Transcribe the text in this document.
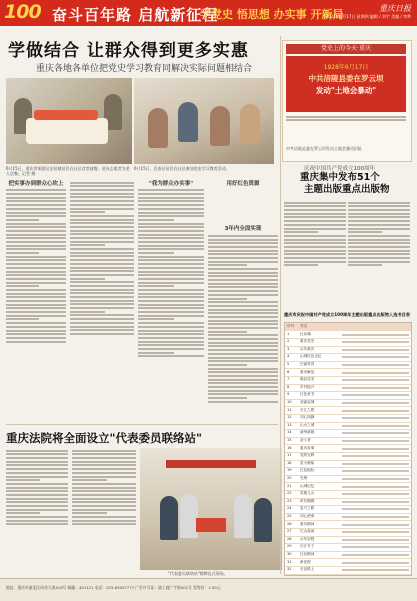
100 奋斗百年路 启航新征程
学党史 悟思想 办实事 开新局	重庆日报
2021年6月17日 星期四 编辑 / 刘宇 美编 / 李梦
学做结合 让群众得到更多实惠
重庆各地各单位把党史学习教育同解决实际问题相结合
6月15日，重庆市铜梁区安居镇居民在社区食堂就餐，党员志愿者为老人送餐。记者 摄
6月15日，巴南区居民在社区参加党史学习教育活动。
把实事办到群众心坎上	"我为群众办实事"	用好红色资源
3年内全面实现
党史上的今天·重庆
1928年6月17日
中共涪陵县委在罗云坝
发动"土地会暴动"
中共涪陵县委在罗云坝发动土地会暴动旧址
庆祝中国共产党成立100周年
重庆集中发布51个
主题出版重点出版物
重庆市庆祝中国共产党成立100周年主题出版重点出版物入选书目表
序号	书名
1	红岩魂
2	重庆党史
3	百年重庆
4	山城红色记忆
5	巴渝英烈
6	重庆解放
7	脱贫攻坚
8	乡村振兴
9	红色家书
10	成渝双城
11	长江之歌
12	初心如磐
13	山水之城
14	渝州新貌
15	奋斗者
16	重庆故事
17	党的光辉
18	星火燎原
19	红色地标
20	先锋
21	山城记忆
22	英雄儿女
23	时代楷模
24	复兴之路
25	初心使命
26	重庆精神
27	巴山夜雨
28	百年征程
29	川江号子
30	红岩精神
31	新征程
32	长征路上
重庆法院将全面设立"代表委员联络站"
"代表委员联络站"揭牌仪式现场。
地址：重庆市渝北区同茂大道416号 邮编：401121 电话：023-63907777 广告许可证：渝工商广字第001号 零售价：1.50元
